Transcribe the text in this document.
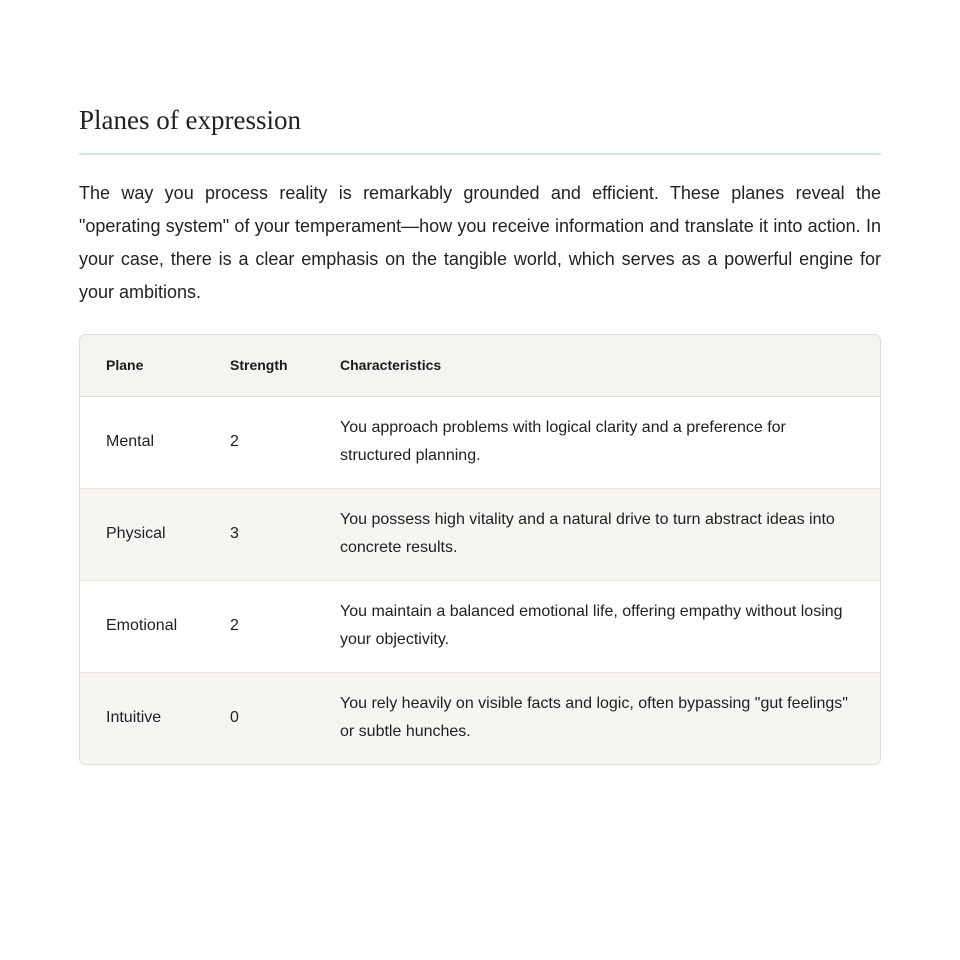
Planes of expression

The way you process reality is remarkably grounded and efficient. These planes reveal the "operating system" of your temperament—how you receive information and translate it into action. In your case, there is a clear emphasis on the tangible world, which serves as a powerful engine for your ambitions.

Plane	Strength	Characteristics
Mental	2	You approach problems with logical clarity and a preference for structured planning.
Physical	3	You possess high vitality and a natural drive to turn abstract ideas into concrete results.
Emotional	2	You maintain a balanced emotional life, offering empathy without losing your objectivity.
Intuitive	0	You rely heavily on visible facts and logic, often bypassing "gut feelings" or subtle hunches.
